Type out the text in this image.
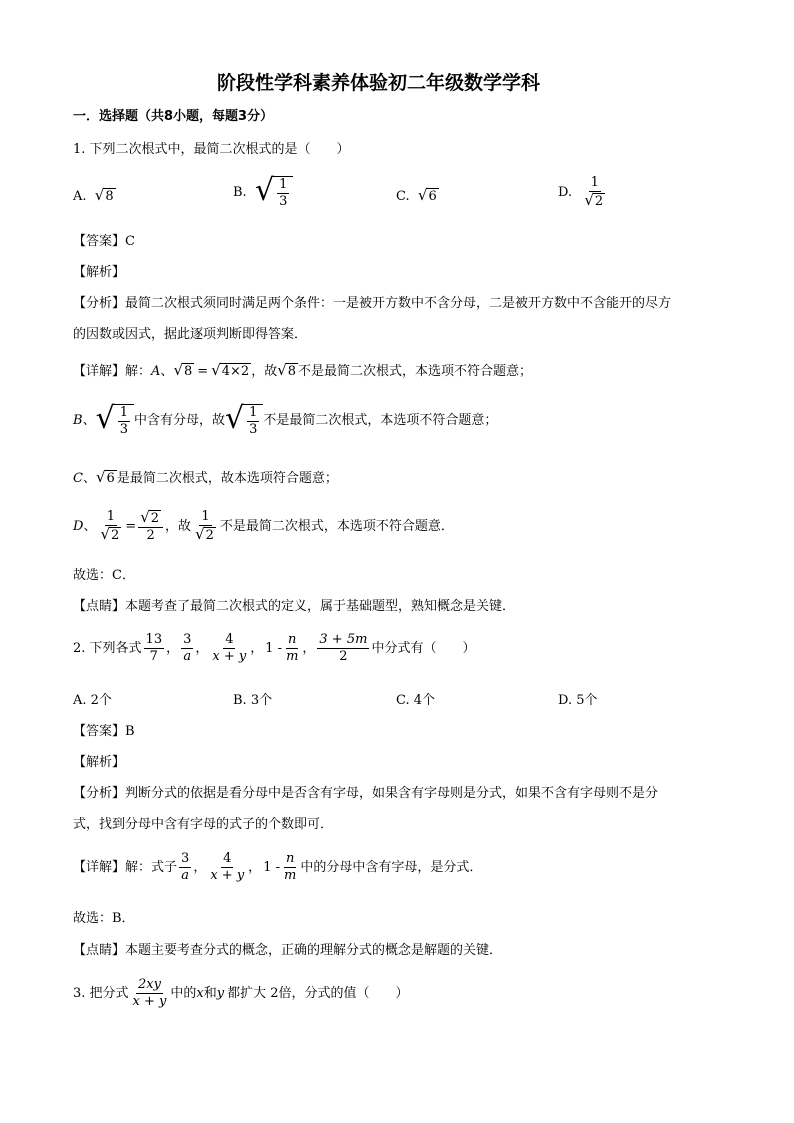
阶段性学科素养体验初二年级数学学科
一．选择题（共8小题，每题3分）
1. 下列二次根式中，最简二次根式的是（　　）
A.
√ 8	B.
√ $\frac{1}{3}$	C.
√ 6	D.
$\frac{1}{√ 2}$
【答案】C
【解析】
【分析】最简二次根式须同时满足两个条件：一是被开方数中不含分母，二是被开方数中不含能开的尽方
的因数或因式，据此逐项判断即得答案．
【详解】 解： A 、 √ 8 = √ 4×2 ，故 √ 8 不是最简二次根式，本选项不符合题意；
B 、 √ $\frac{1}{3}$ 中含有分母，故 √ $\frac{1}{3}$ 不是最简二次根式，本选项不符合题意；
C 、 √ 6 是最简二次根式，故本选项符合题意；
D 、 $\frac{1}{√ 2} = \frac{√ 2}{2}$ ，故 $\frac{1}{√ 2}$ 不是最简二次根式，本选项不符合题意．
故选：C．
【点睛】本题考查了最简二次根式的定义，属于基础题型，熟知概念是关键．
2. 下列各式 $\frac{13}{7}$ ， $\frac{3}{a}$ ， $\frac{4}{x + y}$ ， $1 - \frac{n}{m}$ ， $\frac{3 + 5m}{2}$ 中分式有（　　）
A. 2个	B. 3个	C. 4个	D. 5个
【答案】B
【解析】
【分析】判断分式的依据是看分母中是否含有字母，如果含有字母则是分式，如果不含有字母则不是分
式，找到分母中含有字母的式子的个数即可．
【详解】 解：式子 $\frac{3}{a}$ ， $\frac{4}{x + y}$ ， $1 - \frac{n}{m}$ 中的分母中含有字母，是分式．
故选：B．
【点睛】本题主要考查分式的概念，正确的理解分式的概念是解题的关键．
3. 把分式 $\frac{2xy}{x + y}$ 中的 x 和 y 都扩大 2倍，分式的值（　　）
